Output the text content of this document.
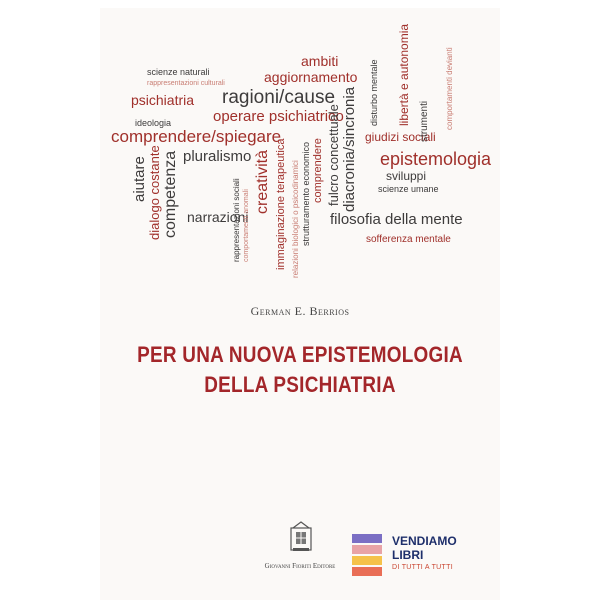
scienze naturali
rappresentazioni culturali
psichiatria
ambiti
aggiornamento
ragioni/cause
operare psichiatrico
ideologia
comprendere/spiegare
pluralismo
narrazioni
giudizi sociali
epistemologia
sviluppi
scienze umane
filosofia della mente
sofferenza mentale
aiutare dialogo costante competenza	rappresentazioni sociali comportamenti anomali
creatività immaginazione terapeutica relazioni biologici o psicodinamici strutturamento economico comprendere fulcro concettuale diacronia/sincronia disturbo mentale libertà e autonomia	comportamenti devianti
strumenti
German E. Berrios
PER UNA NUOVA EPISTEMOLOGIA
DELLA PSICHIATRIA
Giovanni Fioriti Editore
VENDIAMO
LIBRI
DI TUTTI A TUTTI
